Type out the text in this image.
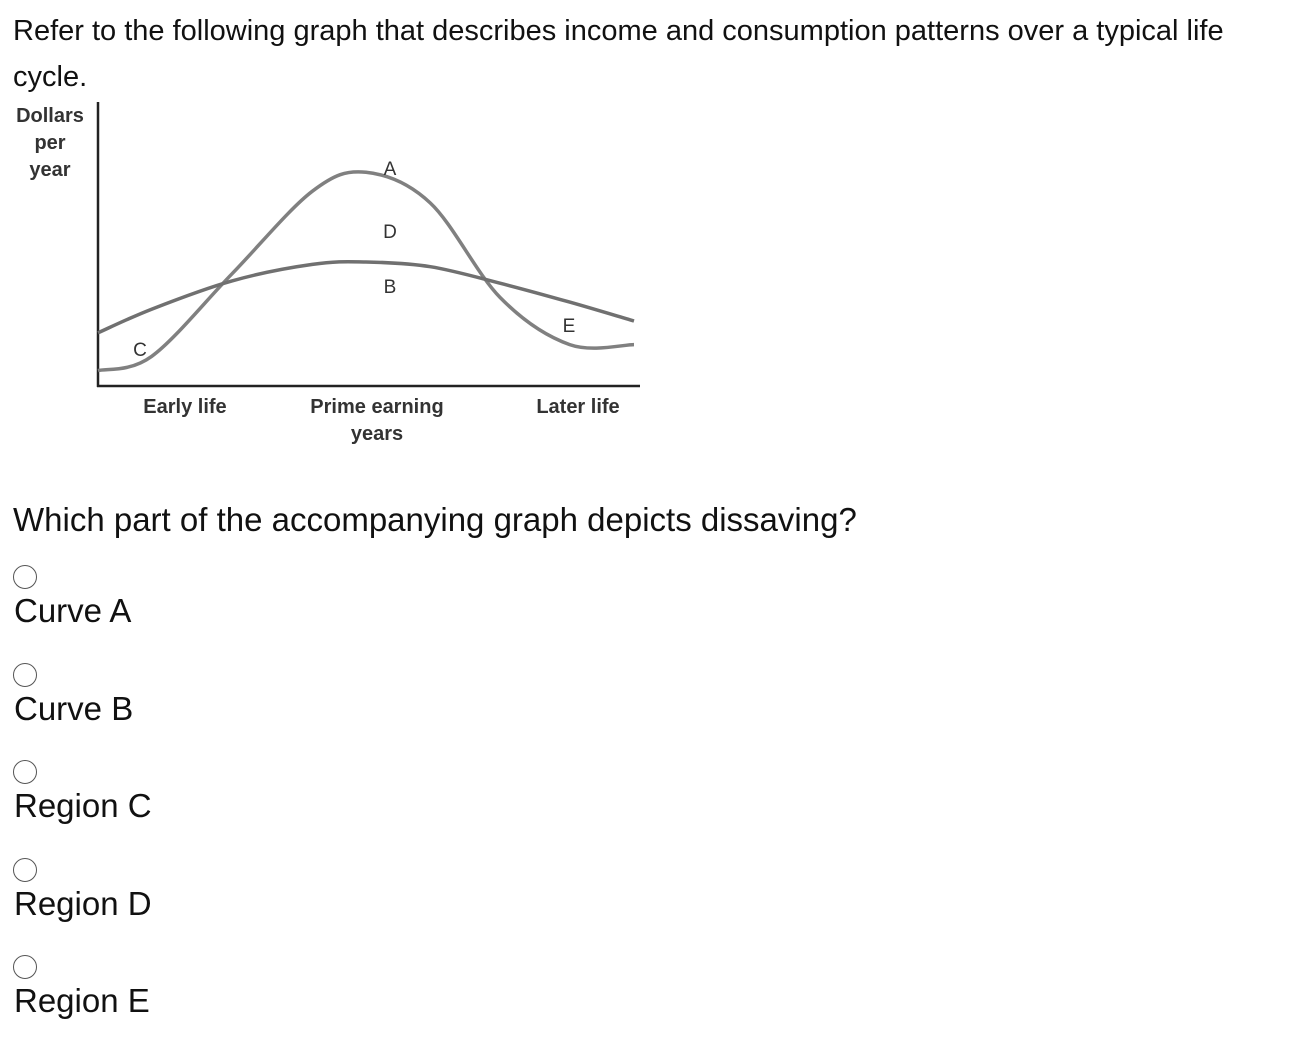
Refer to the following graph that describes income and consumption patterns over a typical life cycle.

Dollars
per
year	A
D
B
C
E
Early life	Prime earning
years
Later life

Which part of the accompanying graph depicts dissaving?

Curve A
Curve B
Region C
Region D
Region E
